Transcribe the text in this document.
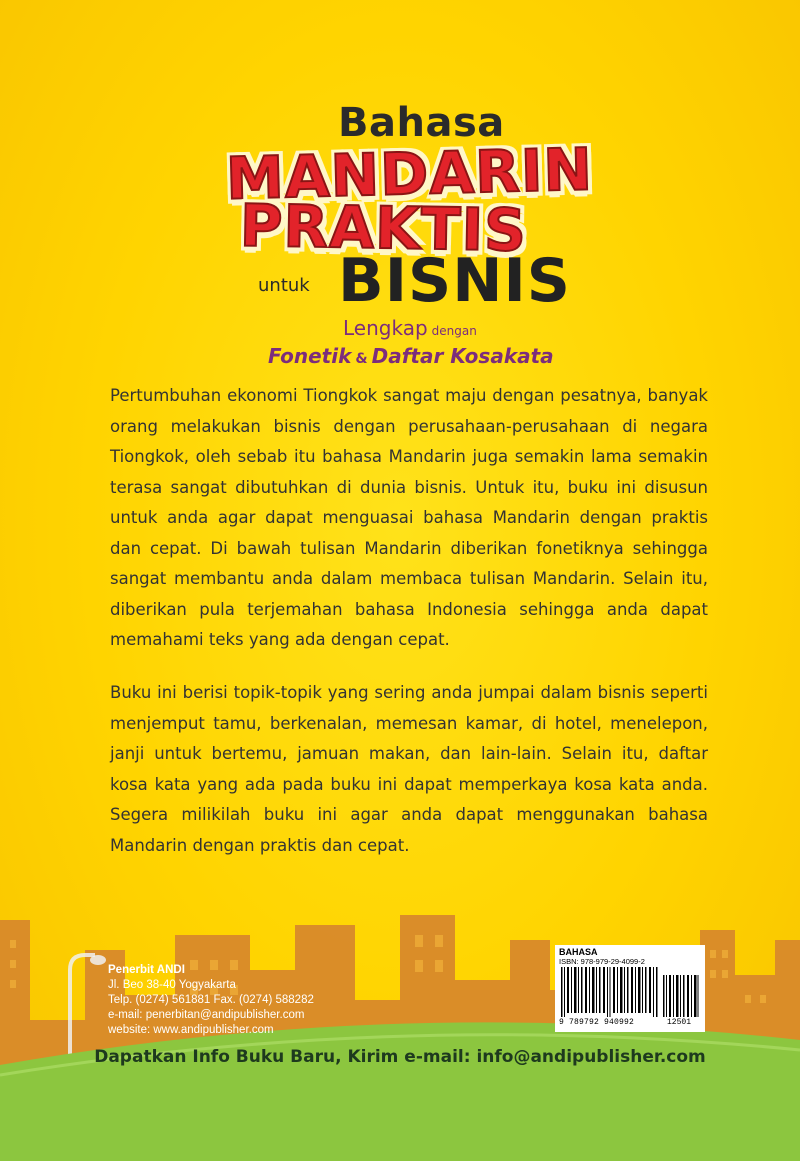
Bahasa
MANDARIN
PRAKTIS
untuk BISNIS
Lengkap dengan
Fonetik & Daftar Kosakata

Pertumbuhan ekonomi Tiongkok sangat maju dengan pesatnya, banyak orang melakukan bisnis dengan perusahaan-perusahaan di negara Tiongkok, oleh sebab itu bahasa Mandarin juga semakin lama semakin terasa sangat dibutuhkan di dunia bisnis. Untuk itu, buku ini disusun untuk anda agar dapat menguasai bahasa Mandarin dengan praktis dan cepat. Di bawah tulisan Mandarin diberikan fonetiknya sehingga sangat membantu anda dalam membaca tulisan Mandarin. Selain itu, diberikan pula terjemahan bahasa Indonesia sehingga anda dapat memahami teks yang ada dengan cepat.

Buku ini berisi topik-topik yang sering anda jumpai dalam bisnis seperti menjemput tamu, berkenalan, memesan kamar, di hotel, menelepon, janji untuk bertemu, jamuan makan, dan lain-lain. Selain itu, daftar kosa kata yang ada pada buku ini dapat memperkaya kosa kata anda. Segera milikilah buku ini agar anda dapat menggunakan bahasa Mandarin dengan praktis dan cepat.

Penerbit ANDI
Jl. Beo 38-40 Yogyakarta
Telp. (0274) 561881 Fax. (0274) 588282
e-mail: penerbitan@andipublisher.com
website: www.andipublisher.com
BAHASA
ISBN: 978-979-29-4099-2
9 789792 940992	12501
Dapatkan Info Buku Baru, Kirim e-mail: info@andipublisher.com
